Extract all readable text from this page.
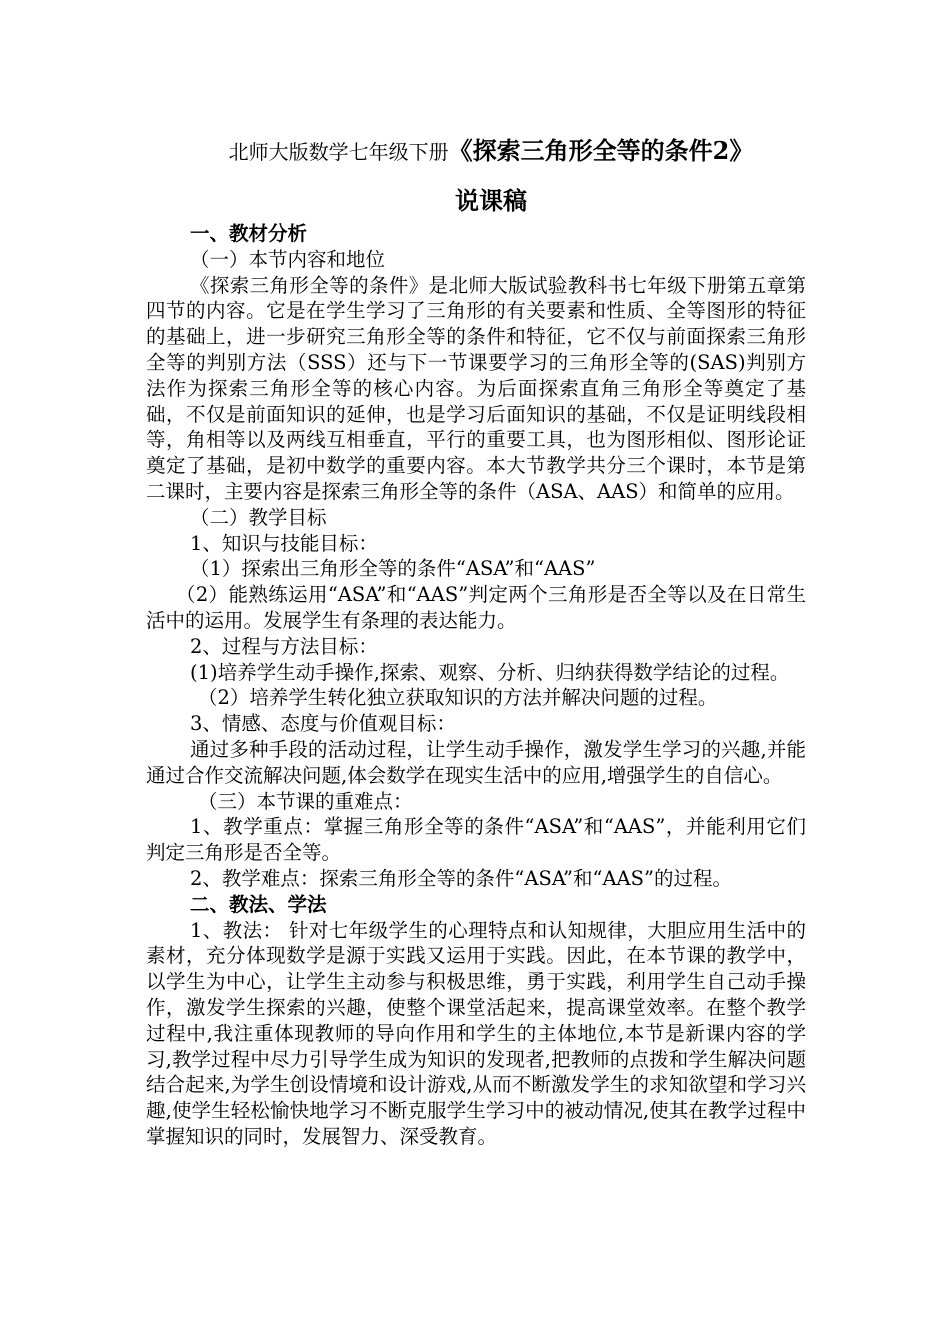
北师大版数学七年级下册《探索三角形全等的条件2》
说课稿

一、教材分析

（一）本节内容和地位

《探索三角形全等的条件》是北师大版试验教科书七年级下册第五章第四节的内容。它是在学生学习了三角形的有关要素和性质、全等图形的特征的基础上，进一步研究三角形全等的条件和特征，它不仅与前面探索三角形全等的判别方法（SSS）还与下一节课要学习的三角形全等的(SAS)判别方法作为探索三角形全等的核心内容。为后面探索直角三角形全等奠定了基础，不仅是前面知识的延伸，也是学习后面知识的基础，不仅是证明线段相等，角相等以及两线互相垂直，平行的重要工具，也为图形相似、图形论证奠定了基础，是初中数学的重要内容。本大节教学共分三个课时，本节是第二课时，主要内容是探索三角形全等的条件（ASA、AAS）和简单的应用。

（二）教学目标

1、知识与技能目标：

（1）探索出三角形全等的条件“ASA”和“AAS”

（2）能熟练运用“ASA”和“AAS”判定两个三角形是否全等以及在日常生活中的运用。发展学生有条理的表达能力。

2、过程与方法目标：

(1)培养学生动手操作,探索、观察、分析、归纳获得数学结论的过程。

（2）培养学生转化独立获取知识的方法并解决问题的过程。

3、情感、态度与价值观目标：

通过多种手段的活动过程，让学生动手操作，激发学生学习的兴趣,并能通过合作交流解决问题,体会数学在现实生活中的应用,增强学生的自信心。

（三）本节课的重难点：

1、教学重点：掌握三角形全等的条件“ASA”和“AAS”，并能利用它们判定三角形是否全等。

2、教学难点：探索三角形全等的条件“ASA”和“AAS”的过程。

二、教法、学法

1、教法： 针对七年级学生的心理特点和认知规律，大胆应用生活中的素材，充分体现数学是源于实践又运用于实践。因此，在本节课的教学中，以学生为中心，让学生主动参与积极思维，勇于实践，利用学生自己动手操作，激发学生探索的兴趣，使整个课堂活起来，提高课堂效率。在整个教学过程中,我注重体现教师的导向作用和学生的主体地位,本节是新课内容的学习,教学过程中尽力引导学生成为知识的发现者,把教师的点拨和学生解决问题结合起来,为学生创设情境和设计游戏,从而不断激发学生的求知欲望和学习兴趣,使学生轻松愉快地学习不断克服学生学习中的被动情况,使其在教学过程中掌握知识的同时，发展智力、深受教育。
